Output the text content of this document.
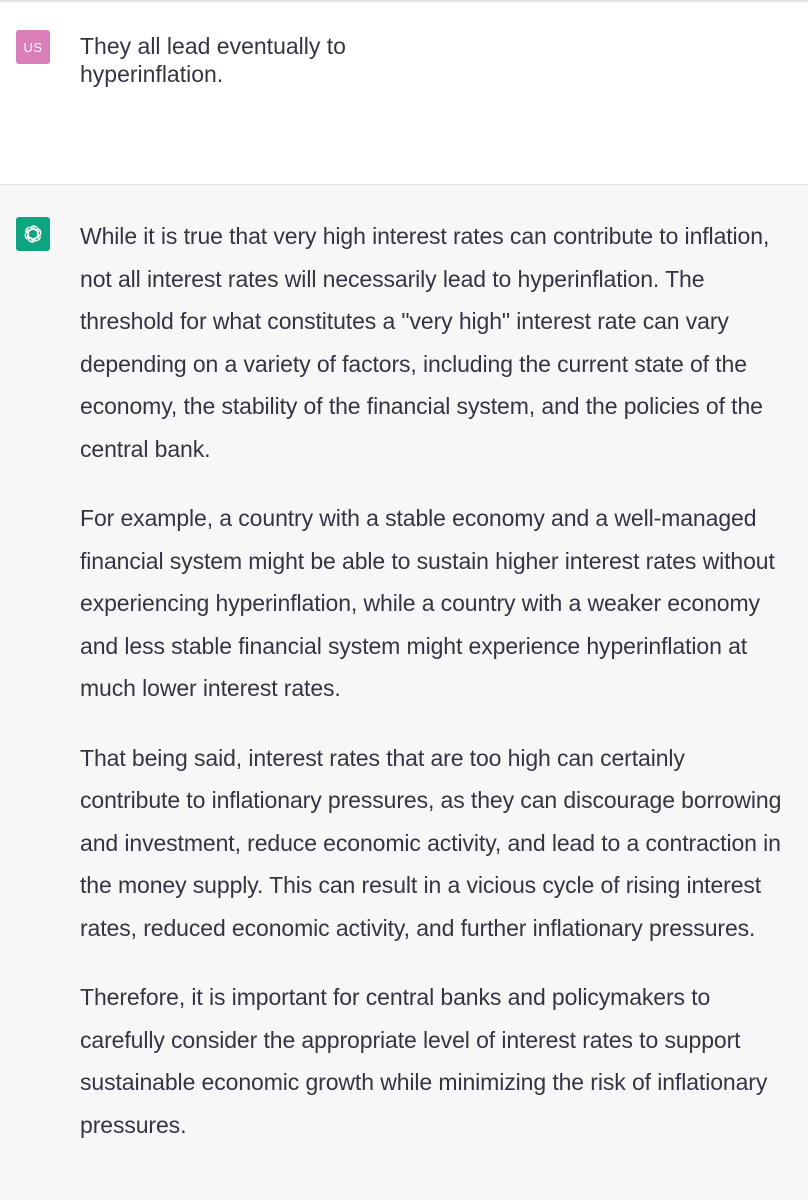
US	They all lead eventually to hyperinflation.

While it is true that very high interest rates can contribute to inflation, not all interest rates will necessarily lead to hyperinflation. The threshold for what constitutes a "very high" interest rate can vary depending on a variety of factors, including the current state of the economy, the stability of the financial system, and the policies of the central bank.

For example, a country with a stable economy and a well-managed financial system might be able to sustain higher interest rates without experiencing hyperinflation, while a country with a weaker economy and less stable financial system might experience hyperinflation at much lower interest rates.

That being said, interest rates that are too high can certainly contribute to inflationary pressures, as they can discourage borrowing and investment, reduce economic activity, and lead to a contraction in the money supply. This can result in a vicious cycle of rising interest rates, reduced economic activity, and further inflationary pressures.

Therefore, it is important for central banks and policymakers to carefully consider the appropriate level of interest rates to support sustainable economic growth while minimizing the risk of inflationary pressures.
